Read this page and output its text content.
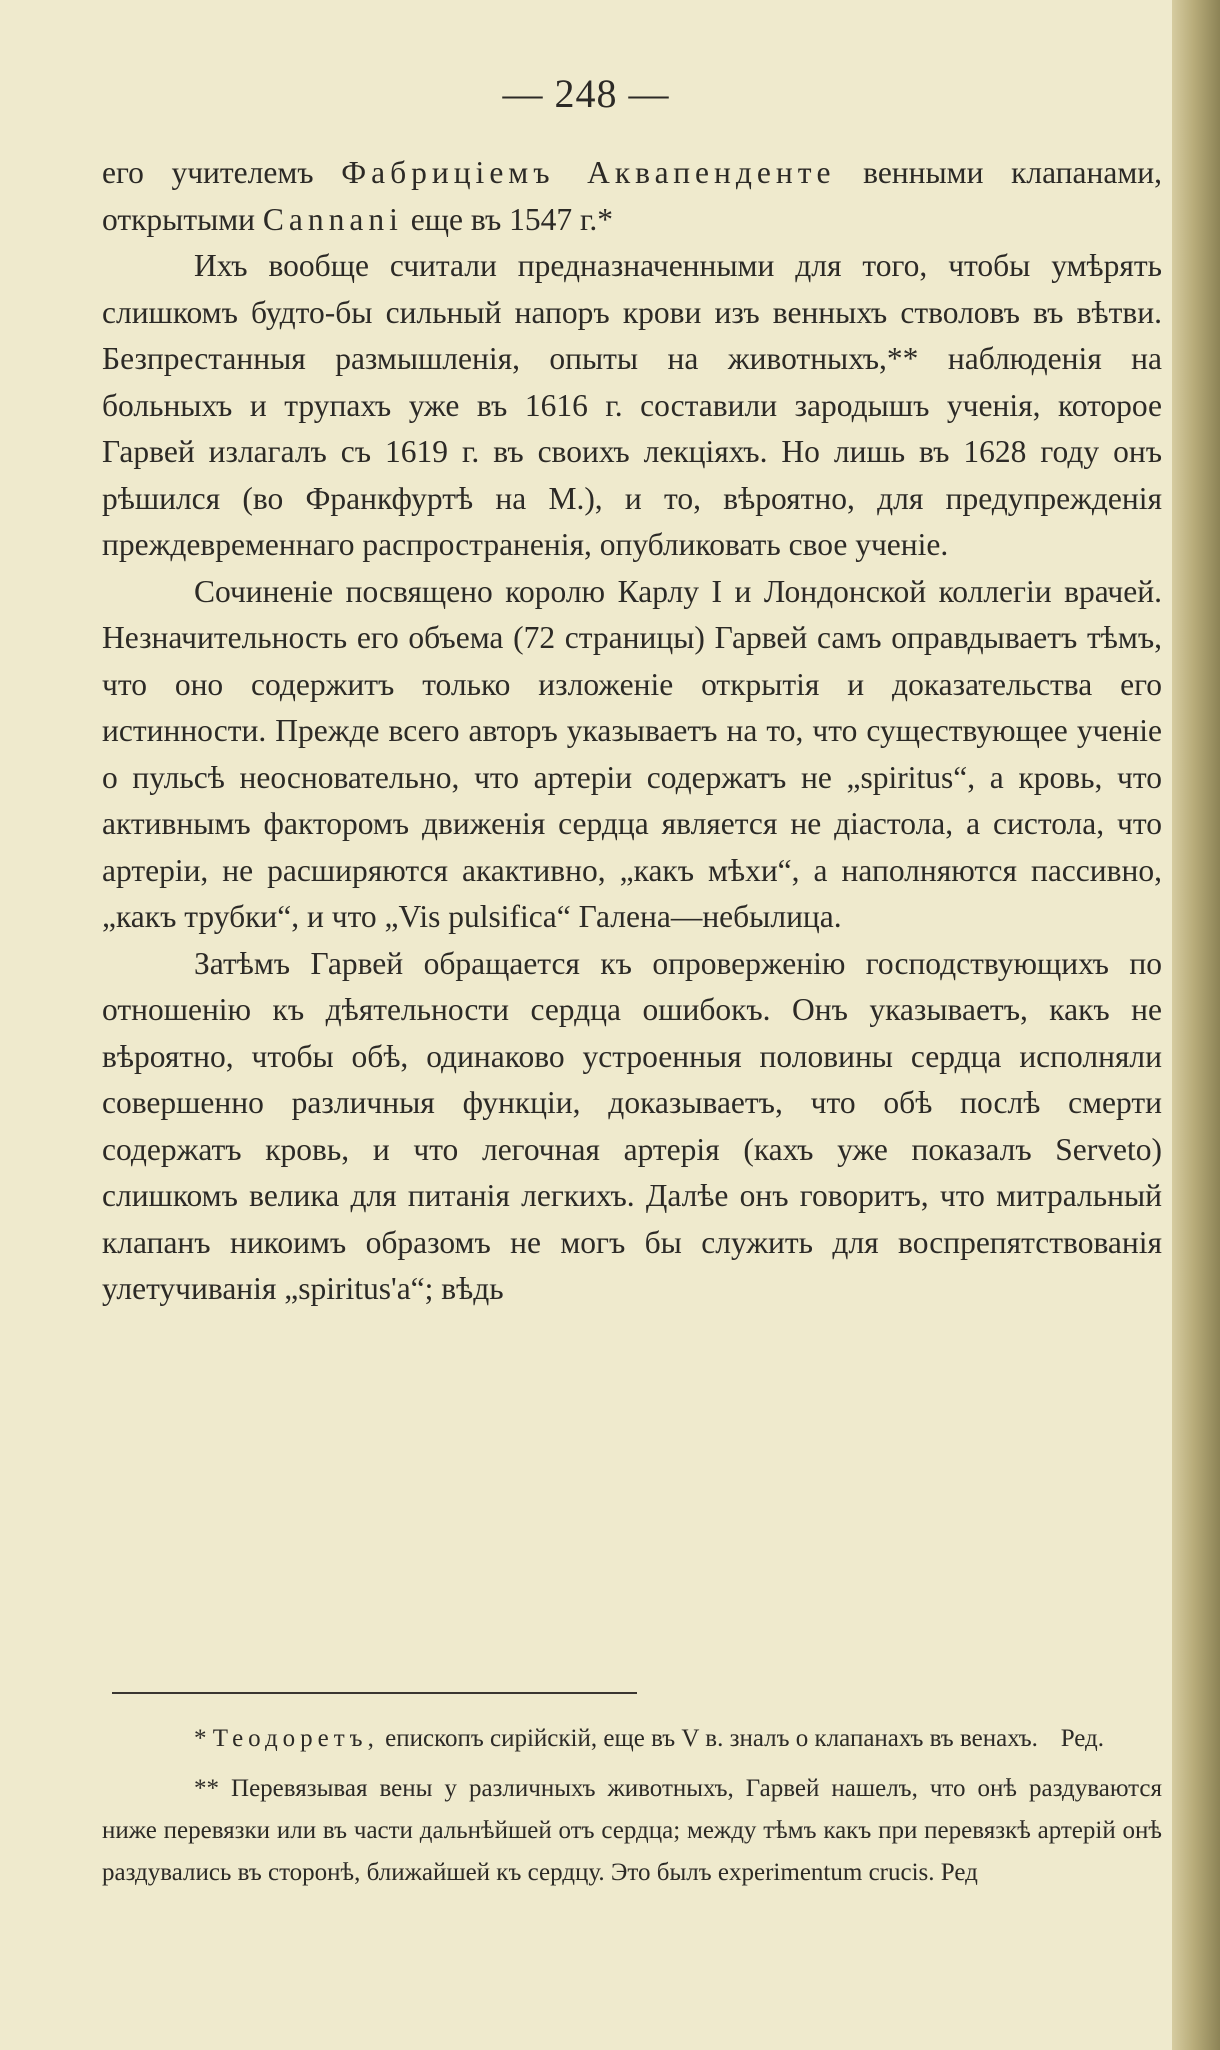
— 248 —

его учителемъ Фабриціемъ Аквапенденте венными клапанами, открытыми Cannani еще въ 1547 г.*

Ихъ вообще считали предназначенными для того, чтобы умѣрять слишкомъ будто-бы сильный напоръ крови изъ венныхъ стволовъ въ вѣтви. Безпрестанныя размышленія, опыты на животныхъ,** наблюденія на больныхъ и трупахъ уже въ 1616 г. составили зародышъ ученія, которое Гарвей излагалъ съ 1619 г. въ своихъ лекціяхъ. Но лишь въ 1628 году онъ рѣшился (во Франкфуртѣ на М.), и то, вѣроятно, для предупрежденія преждевременнаго распространенія, опубликовать свое ученіе.

Сочиненіе посвящено королю Карлу I и Лондонской коллегіи врачей. Незначительность его объема (72 страницы) Гарвей самъ оправдываетъ тѣмъ, что оно содержитъ только изложеніе открытія и доказательства его истинности. Прежде всего авторъ указываетъ на то, что существующее ученіе о пульсѣ неосновательно, что артеріи содержатъ не „spiritus“, а кровь, что активнымъ факторомъ движенія сердца является не діастола, а систола, что артеріи, не расширяются акактивно, „какъ мѣхи“, а наполняются пассивно, „какъ трубки“, и что „Vis pulsifica“ Галена—небылица.

Затѣмъ Гарвей обращается къ опроверженію господствующихъ по отношенію къ дѣятельности сердца ошибокъ. Онъ указываетъ, какъ не вѣроятно, чтобы обѣ, одинаково устроенныя половины сердца исполняли совершенно различныя функціи, доказываетъ, что обѣ послѣ смерти содержатъ кровь, и что легочная артерія (кахъ уже показалъ Servetо) слишкомъ велика для питанія легкихъ. Далѣе онъ говоритъ, что митральный клапанъ никоимъ образомъ не могъ бы служить для воспрепятствованія улетучиванія „spiritus'а“; вѣдь

* Теодоретъ, епископъ сирійскій, еще въ V в. зналъ о клапанахъ въ венахъ. Ред.

** Перевязывая вены у различныхъ животныхъ, Гарвей нашелъ, что онѣ раздуваются ниже перевязки или въ части дальнѣйшей отъ сердца; между тѣмъ какъ при перевязкѣ артерій онѣ раздувались въ сторонѣ, ближайшей къ сердцу. Это былъ experimentum crucis. Ред
